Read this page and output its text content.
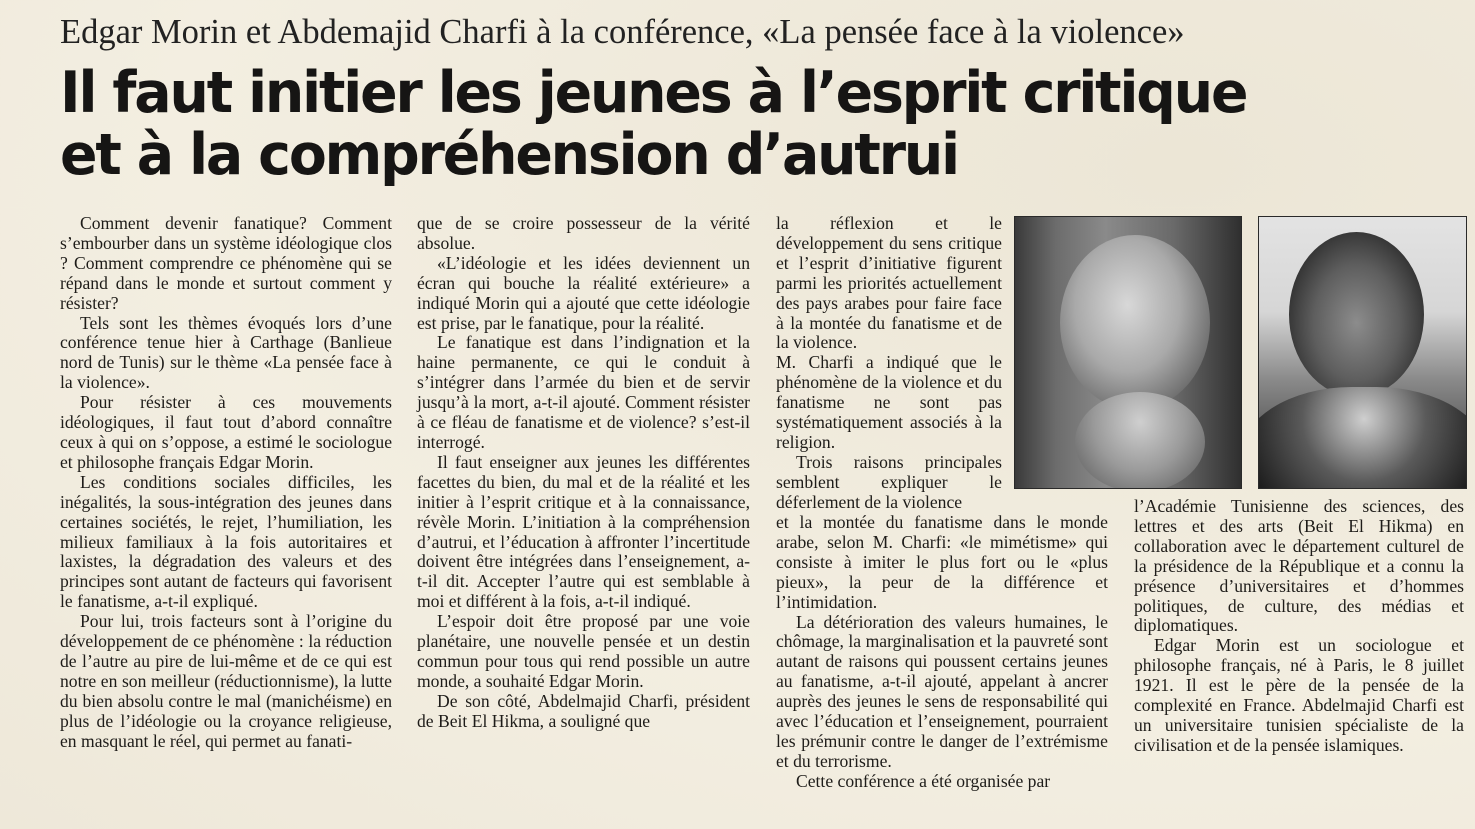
Edgar Morin et Abdemajid Charfi à la conférence, «La pensée face à la violence»
Il faut initier les jeunes à l’esprit critique
et à la compréhension d’autrui

Comment devenir fanatique? Comment s’embourber dans un système idéologique clos ? Comment comprendre ce phénomène qui se répand dans le monde et surtout comment y résister?

Tels sont les thèmes évoqués lors d’une conférence tenue hier à Carthage (Banlieue nord de Tunis) sur le thème «La pensée face à la violence».

Pour résister à ces mouvements idéologiques, il faut tout d’abord connaître ceux à qui on s’oppose, a estimé le sociologue et philosophe français Edgar Morin.

Les conditions sociales difficiles, les inégalités, la sous-intégration des jeunes dans certaines sociétés, le rejet, l’humiliation, les milieux familiaux à la fois autoritaires et laxistes, la dégradation des valeurs et des principes sont autant de facteurs qui favorisent le fanatisme, a-t-il expliqué.

Pour lui, trois facteurs sont à l’origine du développement de ce phénomène : la réduction de l’autre au pire de lui-même et de ce qui est notre en son meilleur (réductionnisme), la lutte du bien absolu contre le mal (manichéisme) en plus de l’idéologie ou la croyance religieuse, en masquant le réel, qui permet au fanati-

que de se croire possesseur de la vérité absolue.

«L’idéologie et les idées deviennent un écran qui bouche la réalité extérieure» a indiqué Morin qui a ajouté que cette idéologie est prise, par le fanatique, pour la réalité.

Le fanatique est dans l’indignation et la haine permanente, ce qui le conduit à s’intégrer dans l’armée du bien et de servir jusqu’à la mort, a-t-il ajouté. Comment résister à ce fléau de fanatisme et de violence? s’est-il interrogé.

Il faut enseigner aux jeunes les différentes facettes du bien, du mal et de la réalité et les initier à l’esprit critique et à la connaissance, révèle Morin. L’initiation à la compréhension d’autrui, et l’éducation à affronter l’incertitude doivent être intégrées dans l’enseignement, a-t-il dit. Accepter l’autre qui est semblable à moi et différent à la fois, a-t-il indiqué.

L’espoir doit être proposé par une voie planétaire, une nouvelle pensée et un destin commun pour tous qui rend possible un autre monde, a souhaité Edgar Morin.

De son côté, Abdelmajid Charfi, président de Beit El Hikma, a souligné que

la réflexion et le développement du sens critique et l’esprit d’initiative figurent parmi les priorités actuellement des pays arabes pour faire face à la montée du fanatisme et de la violence.

M. Charfi a indiqué que le phénomène de la violence et du fanatisme ne sont pas systématiquement associés à la religion.

Trois raisons principales semblent expliquer le déferlement de la violence

et la montée du fanatisme dans le monde arabe, selon M. Charfi: «le mimétisme» qui consiste à imiter le plus fort ou le «plus pieux», la peur de la différence et l’intimidation.

La détérioration des valeurs humaines, le chômage, la marginalisation et la pauvreté sont autant de raisons qui poussent certains jeunes au fanatisme, a-t-il ajouté, appelant à ancrer auprès des jeunes le sens de responsabilité qui avec l’éducation et l’enseignement, pourraient les prémunir contre le danger de l’extrémisme et du terrorisme.

Cette conférence a été organisée par

l’Académie Tunisienne des sciences, des lettres et des arts (Beit El Hikma) en collaboration avec le département culturel de la présidence de la République et a connu la présence d’universitaires et d’hommes politiques, de culture, des médias et diplomatiques.

Edgar Morin est un sociologue et philosophe français, né à Paris, le 8 juillet 1921. Il est le père de la pensée de la complexité en France. Abdelmajid Charfi est un universitaire tunisien spécialiste de la civilisation et de la pensée islamiques.
